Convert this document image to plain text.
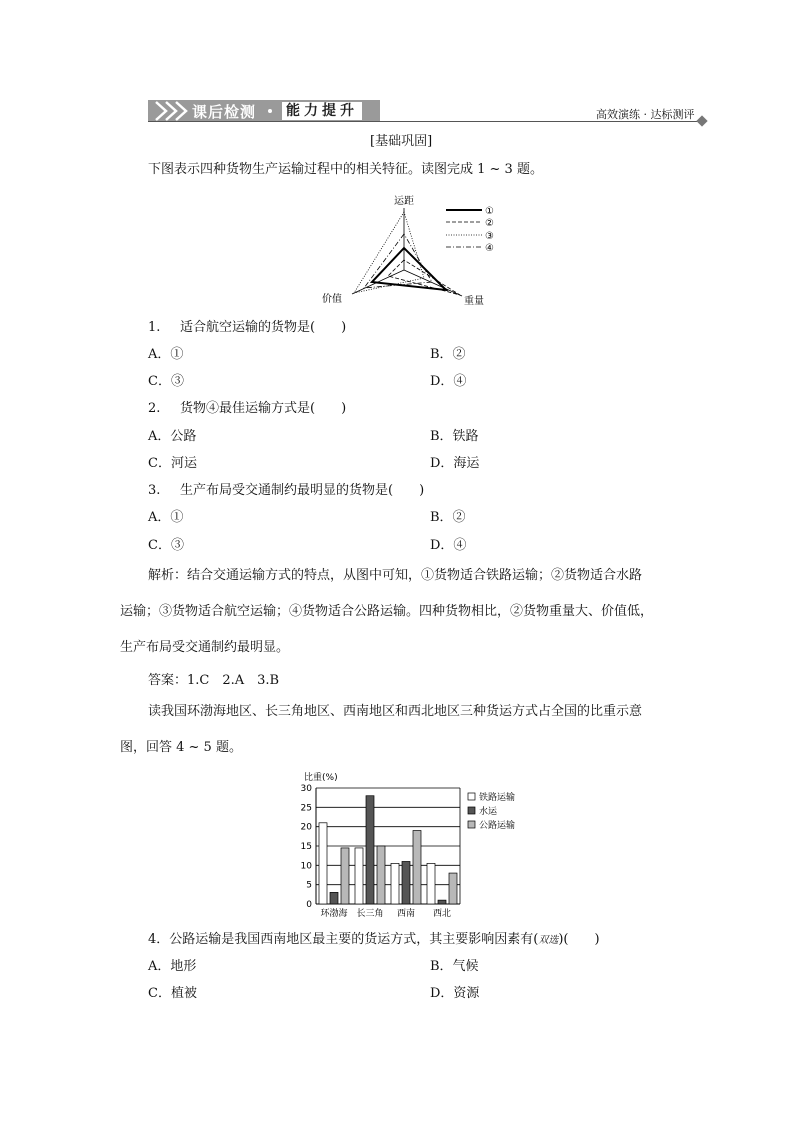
课后检测 能力提升	高效演练 · 达标测评
[基础巩固]
下图表示四种货物生产运输过程中的相关特征。读图完成 1 ~ 3 题。
运距
价值	重量
①
②
③
④
1. 适合航空运输的货物是(　　)
A．①	B．②
C．③	D．④
2. 货物④最佳运输方式是(　　)
A．公路	B．铁路
C．河运	D．海运
3. 生产布局受交通制约最明显的货物是(　　)
A．①	B．②
C．③	D．④
解析：结合交通运输方式的特点，从图中可知，①货物适合铁路运输；②货物适合水路
运输；③货物适合航空运输；④货物适合公路运输。四种货物相比，②货物重量大、价值低，
生产布局受交通制约最明显。
答案：1.C　2.A　3.B
读我国环渤海地区、长三角地区、西南地区和西北地区三种货运方式占全国的比重示意
图，回答 4 ~ 5 题。
比重(%)
0
5
10
15
20
25
30
环渤海 长三角 西南 西北
铁路运输
水运
公路运输
4．公路运输是我国西南地区最主要的货运方式，其主要影响因素有(双选)(　　)
A．地形	B．气候
C．植被	D．资源
